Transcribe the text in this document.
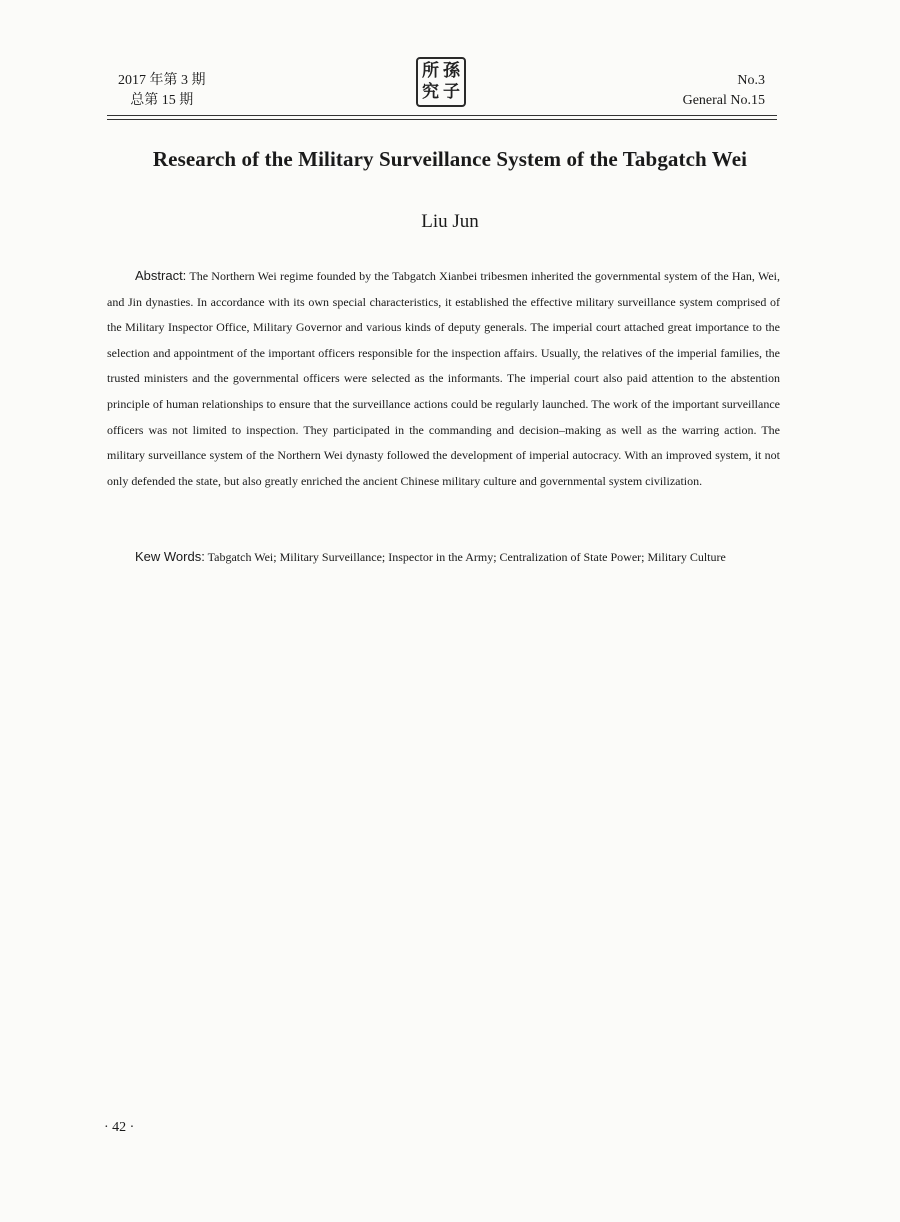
2017 年第 3 期
总第 15 期
所 孫
究 子
No.3
General No.15
Research of the Military Surveillance System of the Tabgatch Wei
Liu Jun
Abstract: The Northern Wei regime founded by the Tabgatch Xianbei tribesmen inherited the governmental system of the Han, Wei, and Jin dynasties. In accordance with its own special characteristics, it established the effective military surveillance system comprised of the Military Inspector Office, Military Governor and various kinds of deputy generals. The imperial court attached great importance to the selection and appointment of the important officers responsible for the inspection affairs. Usually, the relatives of the imperial families, the trusted ministers and the governmental officers were selected as the informants. The imperial court also paid attention to the abstention principle of human relationships to ensure that the surveillance actions could be regularly launched. The work of the important surveillance officers was not limited to inspection. They participated in the commanding and decision–making as well as the warring action. The military surveillance system of the Northern Wei dynasty followed the development of imperial autocracy. With an improved system, it not only defended the state, but also greatly enriched the ancient Chinese military culture and governmental system civilization.
Kew Words: Tabgatch Wei; Military Surveillance; Inspector in the Army; Centralization of State Power; Military Culture
· 42 ·
